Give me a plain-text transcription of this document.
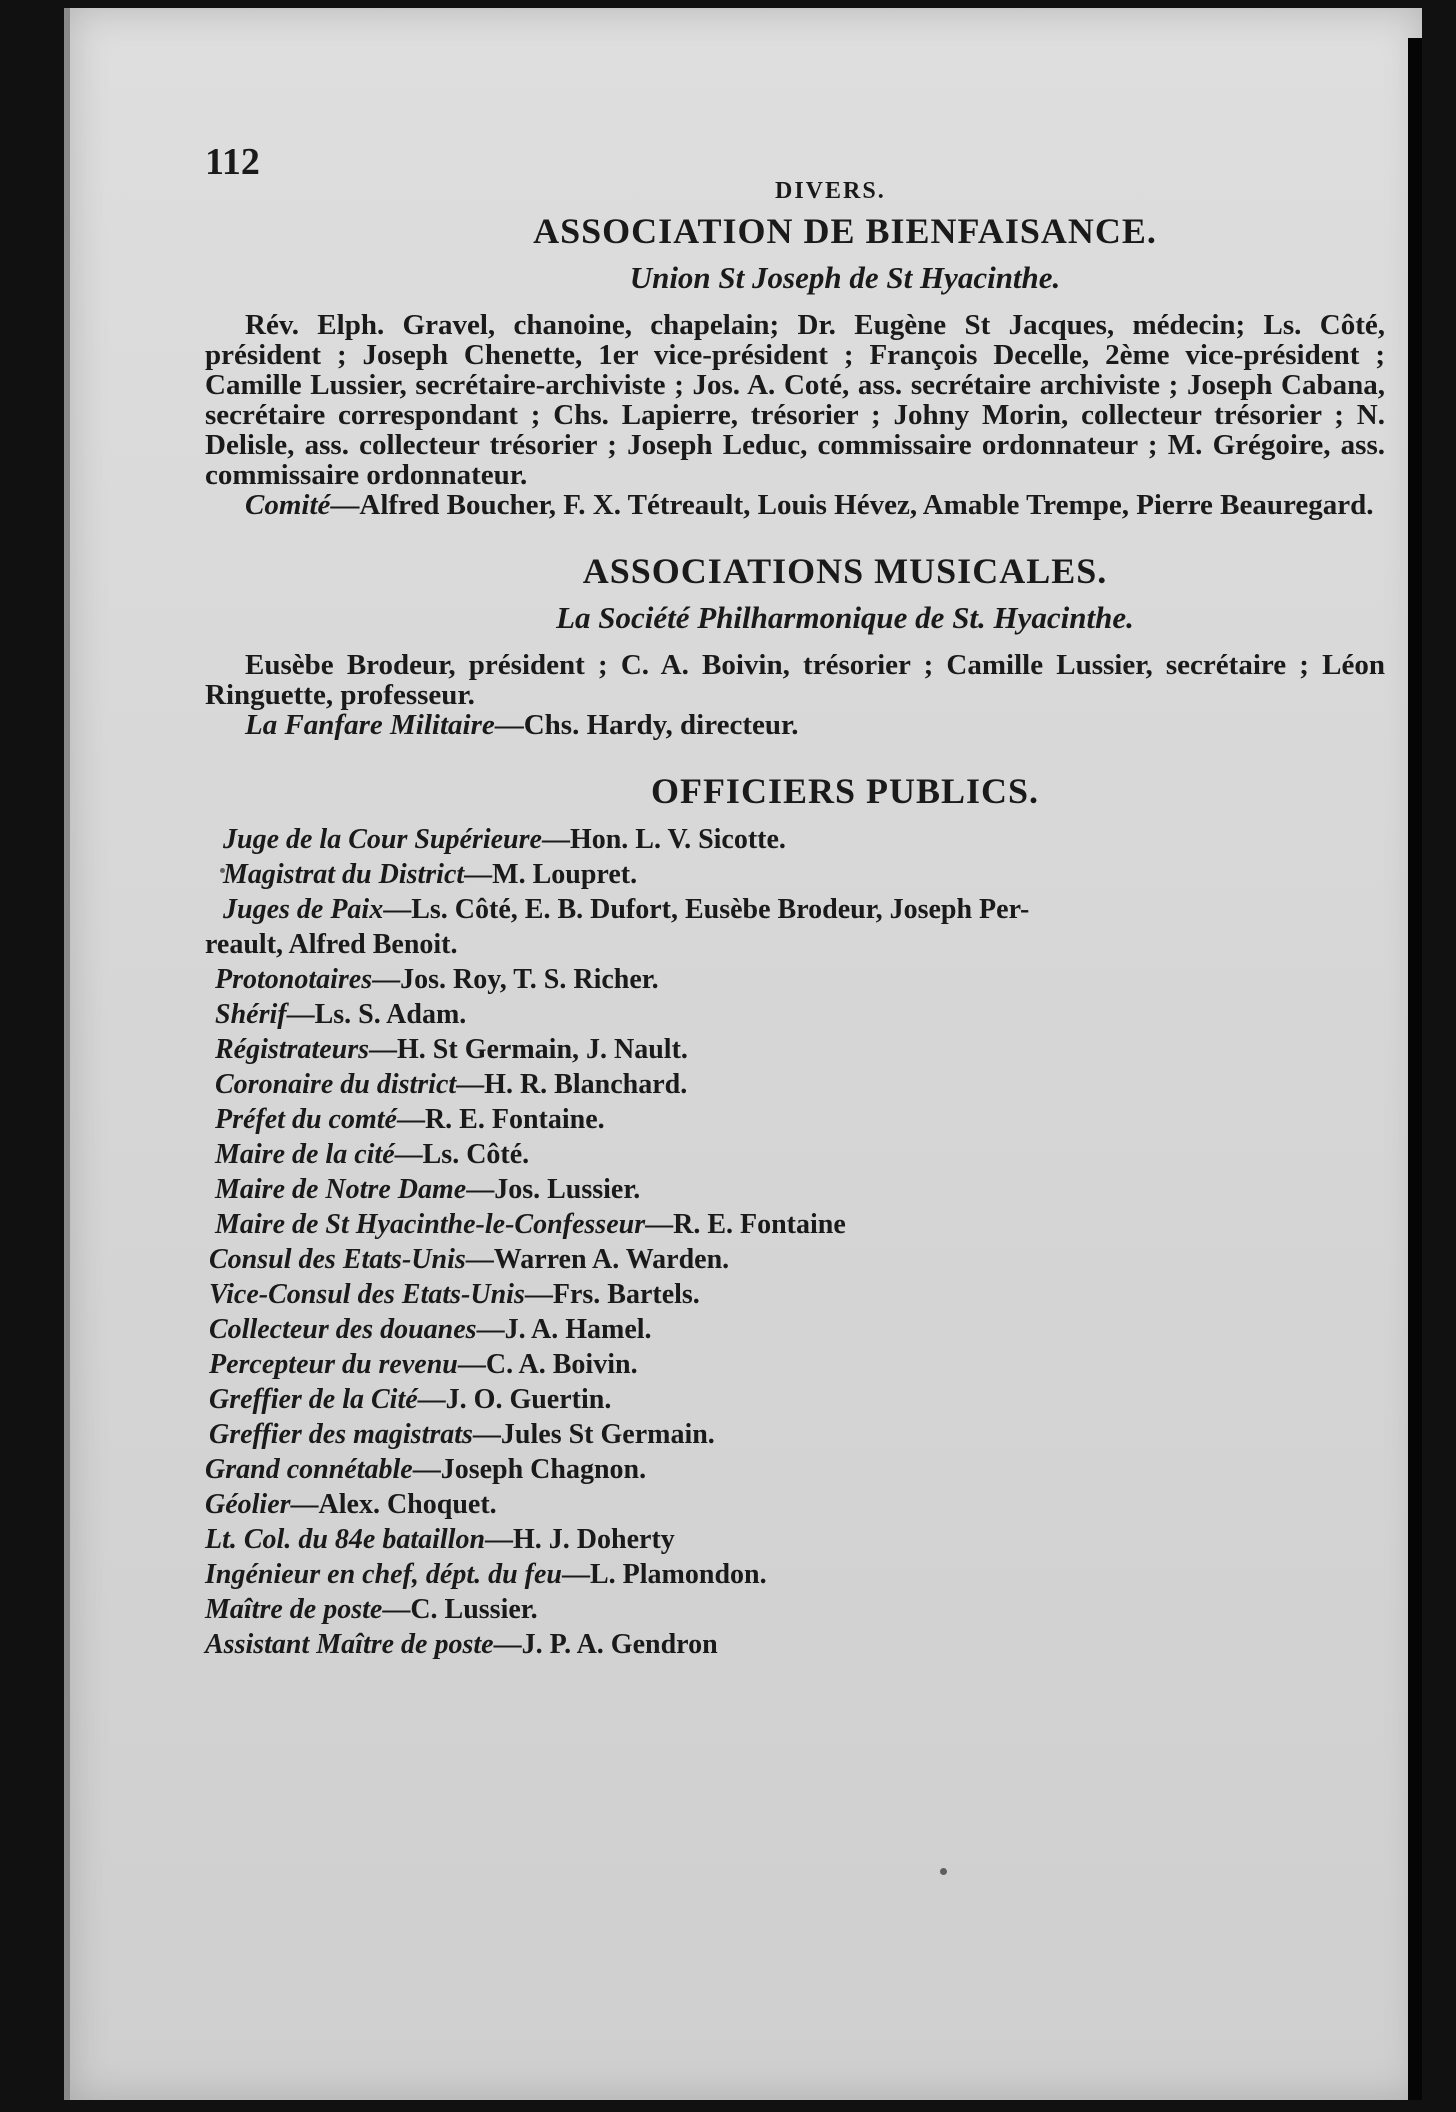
112
DIVERS.
ASSOCIATION DE BIENFAISANCE.
Union St Joseph de St Hyacinthe.

Rév. Elph. Gravel, chanoine, chapelain; Dr. Eugène St Jacques, médecin; Ls. Côté, président ; Joseph Chenette, 1er vice-président ; François Decelle, 2ème vice-président ; Camille Lussier, secrétaire-archiviste ; Jos. A. Coté, ass. secrétaire archiviste ; Joseph Cabana, secrétaire correspondant ; Chs. Lapierre, trésorier ; Johny Morin, collecteur trésorier ; N. Delisle, ass. collecteur trésorier ; Joseph Leduc, commissaire ordonnateur ; M. Grégoire, ass. commissaire ordonnateur.

Comité—Alfred Boucher, F. X. Tétreault, Louis Hévez, Amable Trempe, Pierre Beauregard.

ASSOCIATIONS MUSICALES.
La Société Philharmonique de St. Hyacinthe.

Eusèbe Brodeur, président ; C. A. Boivin, trésorier ; Camille Lussier, secrétaire ; Léon Ringuette, professeur.

La Fanfare Militaire—Chs. Hardy, directeur.

OFFICIERS PUBLICS.
Juge de la Cour Supérieure—Hon. L. V. Sicotte.
Magistrat du District—M. Loupret.
Juges de Paix—Ls. Côté, E. B. Dufort, Eusèbe Brodeur, Joseph Per-
reault, Alfred Benoit.
Protonotaires—Jos. Roy, T. S. Richer.
Shérif—Ls. S. Adam.
Régistrateurs—H. St Germain, J. Nault.
Coronaire du district—H. R. Blanchard.
Préfet du comté—R. E. Fontaine.
Maire de la cité—Ls. Côté.
Maire de Notre Dame—Jos. Lussier.
Maire de St Hyacinthe-le-Confesseur—R. E. Fontaine
Consul des Etats-Unis—Warren A. Warden.
Vice-Consul des Etats-Unis—Frs. Bartels.
Collecteur des douanes—J. A. Hamel.
Percepteur du revenu—C. A. Boivin.
Greffier de la Cité—J. O. Guertin.
Greffier des magistrats—Jules St Germain.
Grand connétable—Joseph Chagnon.
Géolier—Alex. Choquet.
Lt. Col. du 84e bataillon—H. J. Doherty
Ingénieur en chef, dépt. du feu—L. Plamondon.
Maître de poste—C. Lussier.
Assistant Maître de poste—J. P. A. Gendron
